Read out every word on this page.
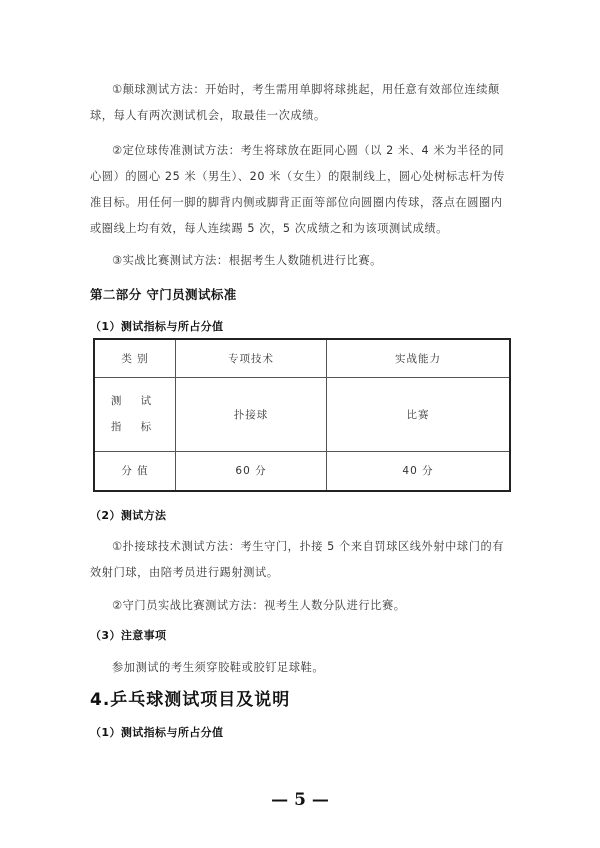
①颠球测试方法：开始时，考生需用单脚将球挑起，用任意有效部位连续颠球，每人有两次测试机会，取最佳一次成绩。

②定位球传准测试方法：考生将球放在距同心圆（以 2 米、4 米为半径的同心圆）的圆心 25 米（男生）、20 米（女生）的限制线上，圆心处树标志杆为传准目标。用任何一脚的脚背内侧或脚背正面等部位向圆圈内传球，落点在圆圈内或圈线上均有效，每人连续踢 5 次，5 次成绩之和为该项测试成绩。

③实战比赛测试方法：根据考生人数随机进行比赛。

第二部分 守门员测试标准
（1）测试指标与所占分值
类 别	专项技术	实战能力

测 试
指 标	扑接球	比赛
分 值	60 分	40 分
（2）测试方法

①扑接球技术测试方法：考生守门，扑接 5 个来自罚球区线外射中球门的有效射门球，由陪考员进行踢射测试。

②守门员实战比赛测试方法：视考生人数分队进行比赛。

（3）注意事项

参加测试的考生须穿胶鞋或胶钉足球鞋。

4.乒乓球测试项目及说明
（1）测试指标与所占分值
— 5 —
